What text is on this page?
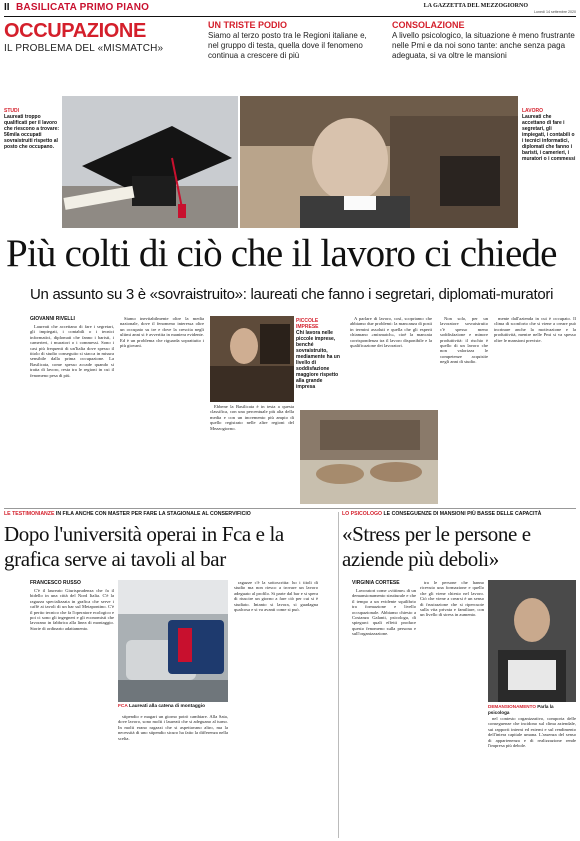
II BASILICATA PRIMO PIANO	LA GAZZETTA DEL MEZZOGIORNO
Lunedì 14 settembre 2020
OCCUPAZIONE
IL PROBLEMA DEL «MISMATCH»
UN TRISTE PODIO
Siamo al terzo posto tra le Regioni italiane e, nel gruppo di testa, quella dove il fenomeno continua a crescere di più
CONSOLAZIONE
A livello psicologico, la situazione è meno frustrante nelle Pmi e da noi sono tante: anche senza paga adeguata, si va oltre le mansioni
STUDI
Laureati troppo qualificati per il lavoro che riescono a trovare: 56mila occupati sovraistruiti rispetto al posto che occupano.
LAVORO
Laureati che accettano di fare i segretari, gli impiegati, i contabili o i tecnici informatici, diplomati che fanno i baristi, i camerieri, i muratori o i commessi
Più colti di ciò che il lavoro ci chiede
Un assunto su 3 è «sovraistruito»: laureati che fanno i segretari, diplomati-muratori
GIOVANNI RIVELLI

Laureati che accettano di fare i segretari, gli impiegati, i contabili o i tecnici informatici, diplomati che fanno i baristi, i camerieri, i muratori o i commessi. Sono i casi più frequenti di un'Italia dove spesso il titolo di studio conseguito si stacca in misura sensibile dalla prima occupazione. La Basilicata, come spesso accade quando si tratta di lavoro, resta tra le regioni in cui il fenomeno pesa di più.

Siamo inevitabilmente oltre la media nazionale, dove il fenomeno interessa oltre un occupato su tre e dove la crescita negli ultimi anni si è avvertita in maniera evidente. Ed è un problema che riguarda soprattutto i più giovani.

Ebbene la Basilicata è in testa a questa classifica, con una percentuale più alta della media e con un incremento più ampio di quello registrato nelle altre regioni del Mezzogiorno.

PICCOLE IMPRESE
Chi lavora nelle piccole imprese, benché sovraistruito, mediamente ha un livello di soddisfazione maggiore rispetto alla grande impresa

A parlare di lavoro, così, scopriamo che abbiamo due problemi: la mancanza di posti in termini assoluti e quella che gli esperti chiamano «mismatch», cioè la mancata corrispondenza tra il lavoro disponibile e la qualificazione dei lavoratori.

Non solo, per un lavoratore sovraistruito c'è spesso meno soddisfazione e minore produttività: il rischio è quello di un lavoro che non valorizza le competenze acquisite negli anni di studio.

mente dall'azienda in cui è occupato. Il clima di sconforto che si viene a creare può incrinare anche la motivazione e la produttività, mentre nelle Pmi si va spesso oltre le mansioni previste.

LE TESTIMONIANZE IN FILA ANCHE CON MASTER PER FARE LA STAGIONALE AL CONSERVIFICIO
Dopo l'università operai in Fca e la grafica serve ai tavoli al bar
FRANCESCO RUSSO

C'è il laureato Giurisprudenza che fa il bidello in una città del Nord Italia. C'è la ragazza specializzata in grafica che serve i caffè ai tavoli di un bar sul Metapontino. C'è il perito tecnico che fa l'operatore ecologico e poi ci sono gli ingegneri e gli economisti che lavorano in fabbrica alla linea di montaggio. Storie di ordinario adattamento.

FCA Laureati alla catena di montaggio

stipendio e magari un giorno potrò cambiare. Alla Sata, dove lavoro, sono molti i laureati che si adeguano al turno. In molti erano ragazzi che si aspettavano altro, ma la necessità di uno stipendio sicuro ha fatto la differenza nella scelta.

ragazze c'è la sottoscritta: ho i titoli di studio ma non riesco a trovare un lavoro adeguato al profilo. Si parte dal bar e si spera di riuscire un giorno a fare ciò per cui si è studiato. Intanto si lavora, si guadagna qualcosa e si va avanti come si può.

LO PSICOLOGO LE CONSEGUENZE DI MANSIONI PIÙ BASSE DELLE CAPACITÀ
«Stress per le persone e aziende più deboli»
VIRGINIA CORTESE

Lavoratori come «vittime» di un demansionamento strutturale e che il tempo a un evidente squilibrio tra formazione e livello occupazionale. Abbiamo chiesto a Costanza Galanti, psicologa, di spiegarci quali effetti produce questo fenomeno sulla persona e sull'organizzazione.

tra le persone che hanno ricevuto una formazione e quello che gli viene chiesto nel lavoro. Ciò che viene a crearsi è un senso di frustrazione che si ripercuote sulla vita privata e familiare, con un livello di stress in aumento.

DEMANSIONAMENTO Parla la psicologa

nel contesto organizzativo, comporta delle conseguenze che incidono sul clima aziendale, sui rapporti interni ed esterni e sul rendimento dell'intera capitale umana. L'assenza del senso di appartenenza e di realizzazione rende l'impresa più debole.
